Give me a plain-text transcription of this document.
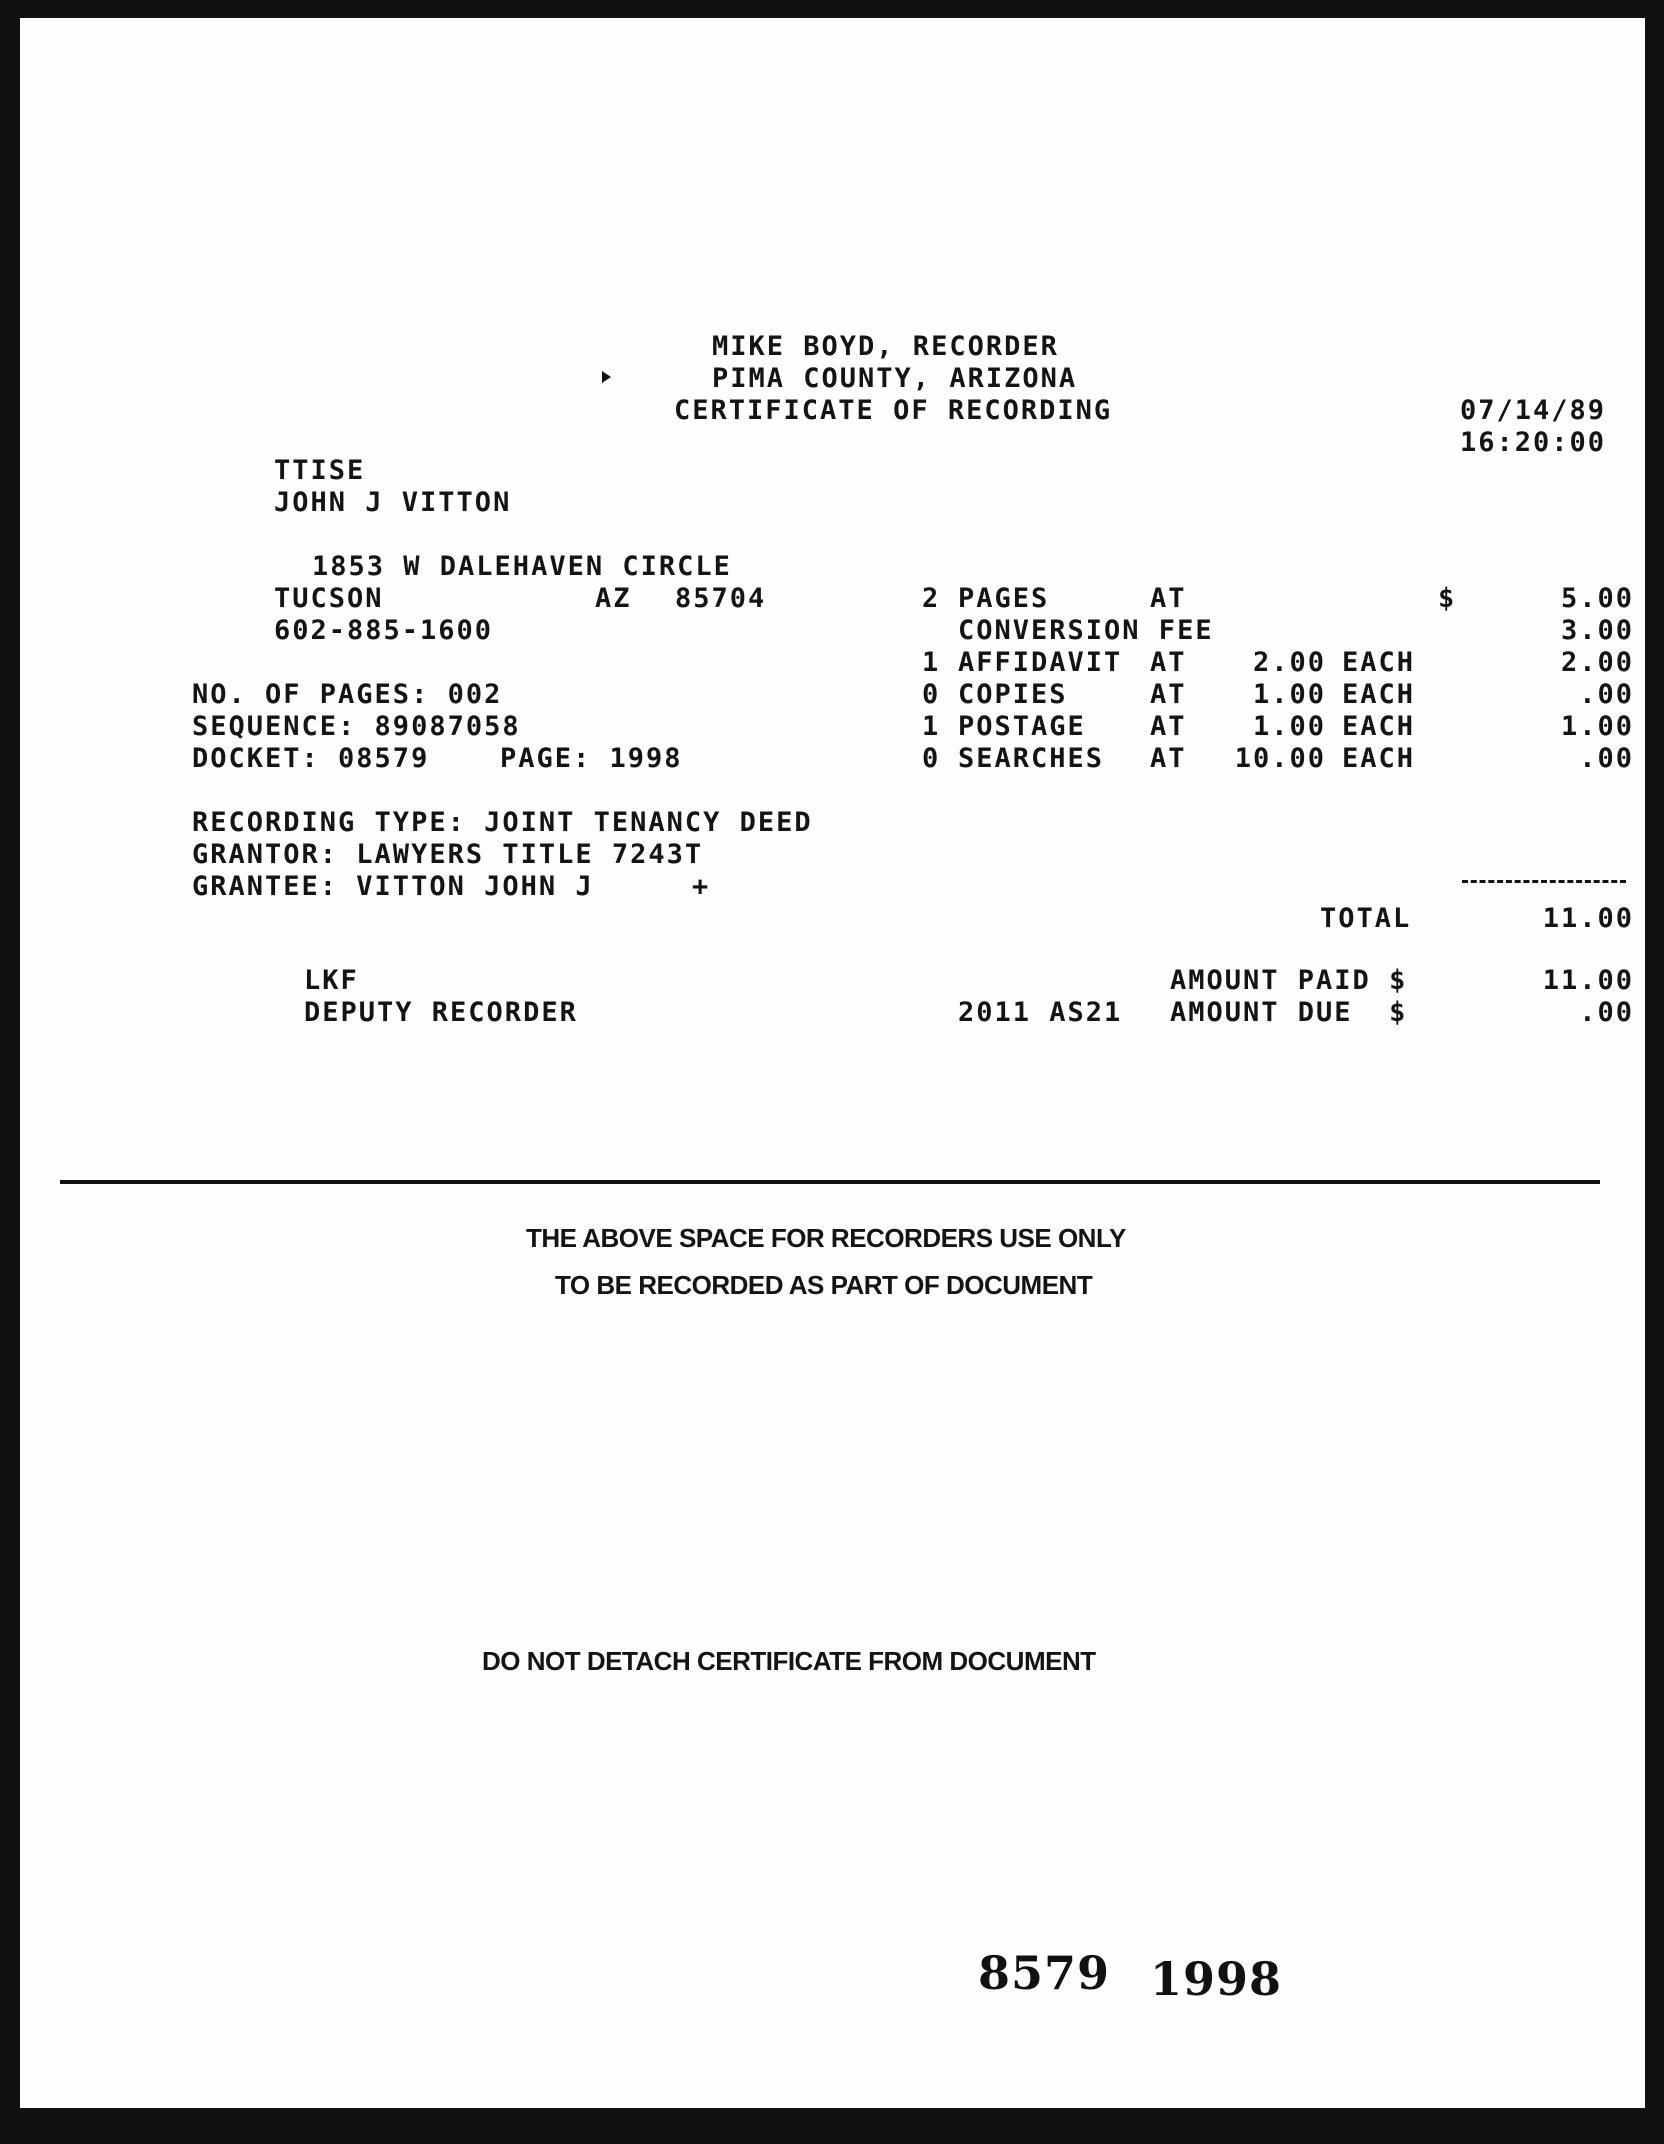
MIKE BOYD, RECORDER
PIMA COUNTY, ARIZONA
CERTIFICATE OF RECORDING	07/14/89
16:20:00
TTISE
JOHN J VITTON
1853 W DALEHAVEN CIRCLE
TUCSON	AZ 85704
602-885-1600
NO. OF PAGES: 002
SEQUENCE: 89087058
DOCKET: 08579	PAGE: 1998
RECORDING TYPE: JOINT TENANCY DEED
GRANTOR: LAWYERS TITLE 7243T
GRANTEE: VITTON JOHN J	+
$
2 PAGES	AT	5.00
CONVERSION FEE	3.00
1 AFFIDAVIT AT	2.00 EACH	2.00
0 COPIES	AT	1.00 EACH	.00
1 POSTAGE AT	1.00 EACH	1.00
0 SEARCHES AT	10.00 EACH	.00
TOTAL	11.00
LKF
DEPUTY RECORDER
AMOUNT PAID $	11.00
2011 AS21 AMOUNT DUE  $	.00
THE ABOVE SPACE FOR RECORDERS USE ONLY
TO BE RECORDED AS PART OF DOCUMENT
DO NOT DETACH CERTIFICATE FROM DOCUMENT
8579 1998
